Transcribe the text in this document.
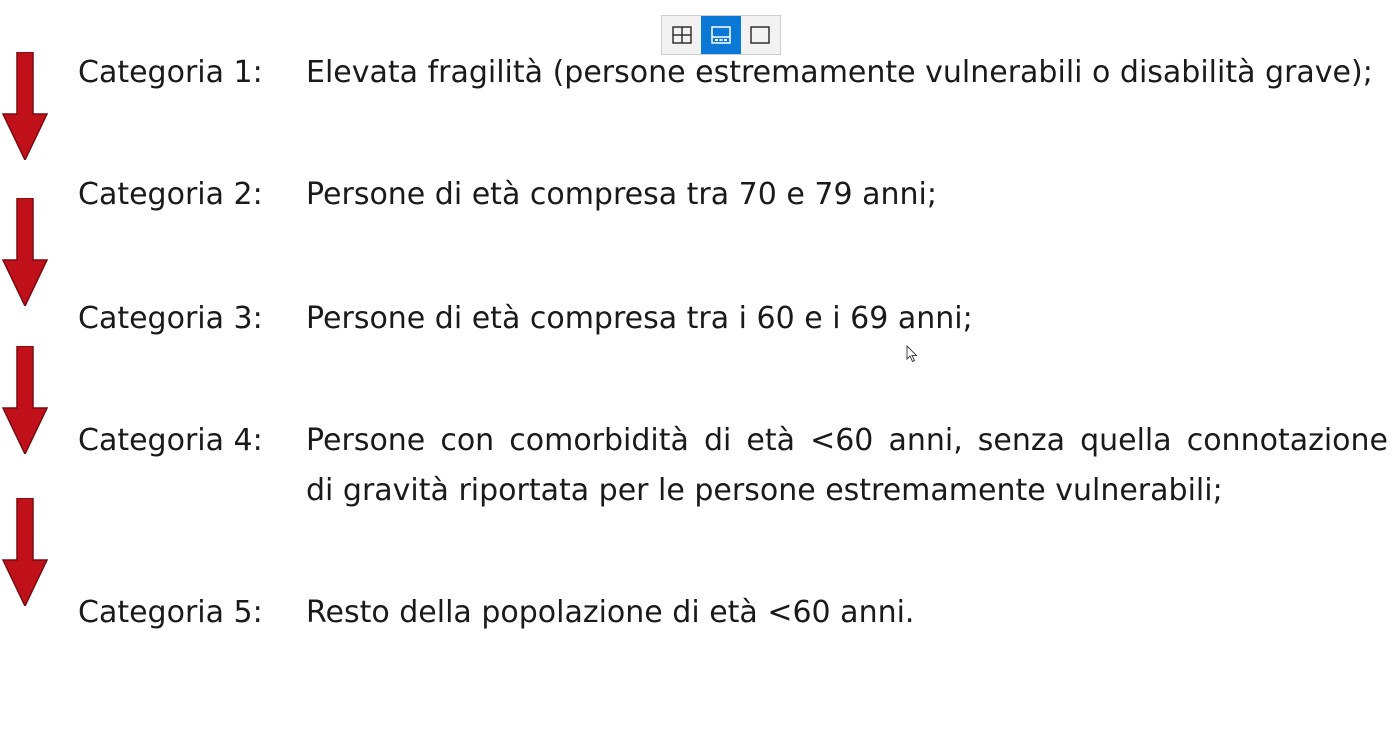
Categoria 1: Elevata fragilità (persone estremamente vulnerabili o disabilità grave);
Categoria 2: Persone di età compresa tra 70 e 79 anni;
Categoria 3: Persone di età compresa tra i 60 e i 69 anni;
Categoria 4: Persone con comorbidità di età <60 anni, senza quella connotazione
di gravità riportata per le persone estremamente vulnerabili;
Categoria 5: Resto della popolazione di età <60 anni.
